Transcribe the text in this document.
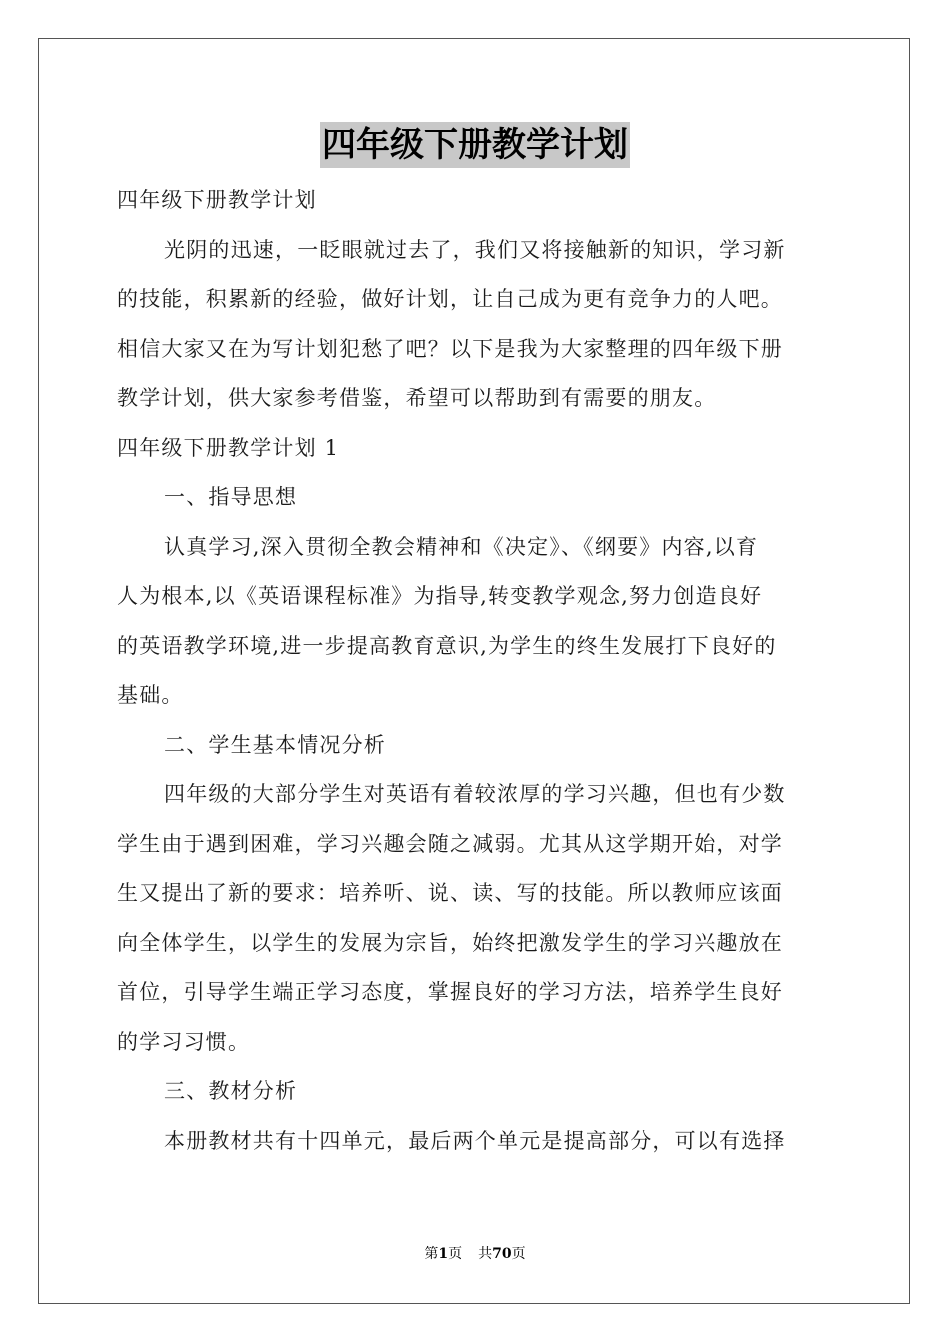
四年级下册教学计划
四年级下册教学计划
光阴的迅速，一眨眼就过去了，我们又将接触新的知识，学习新
的技能，积累新的经验，做好计划，让自己成为更有竞争力的人吧。
相信大家又在为写计划犯愁了吧？以下是我为大家整理的四年级下册
教学计划，供大家参考借鉴，希望可以帮助到有需要的朋友。
四年级下册教学计划 1
一、指导思想
认真学习,深入贯彻全教会精神和《决定》、《纲要》内容,以育
人为根本,以《英语课程标准》为指导,转变教学观念,努力创造良好
的英语教学环境,进一步提高教育意识,为学生的终生发展打下良好的
基础。
二、学生基本情况分析
四年级的大部分学生对英语有着较浓厚的学习兴趣，但也有少数
学生由于遇到困难，学习兴趣会随之减弱。尤其从这学期开始，对学
生又提出了新的要求：培养听、说、读、写的技能。所以教师应该面
向全体学生，以学生的发展为宗旨，始终把激发学生的学习兴趣放在
首位，引导学生端正学习态度，掌握良好的学习方法，培养学生良好
的学习习惯。
三、教材分析
本册教材共有十四单元，最后两个单元是提高部分，可以有选择
第1页 共70页
